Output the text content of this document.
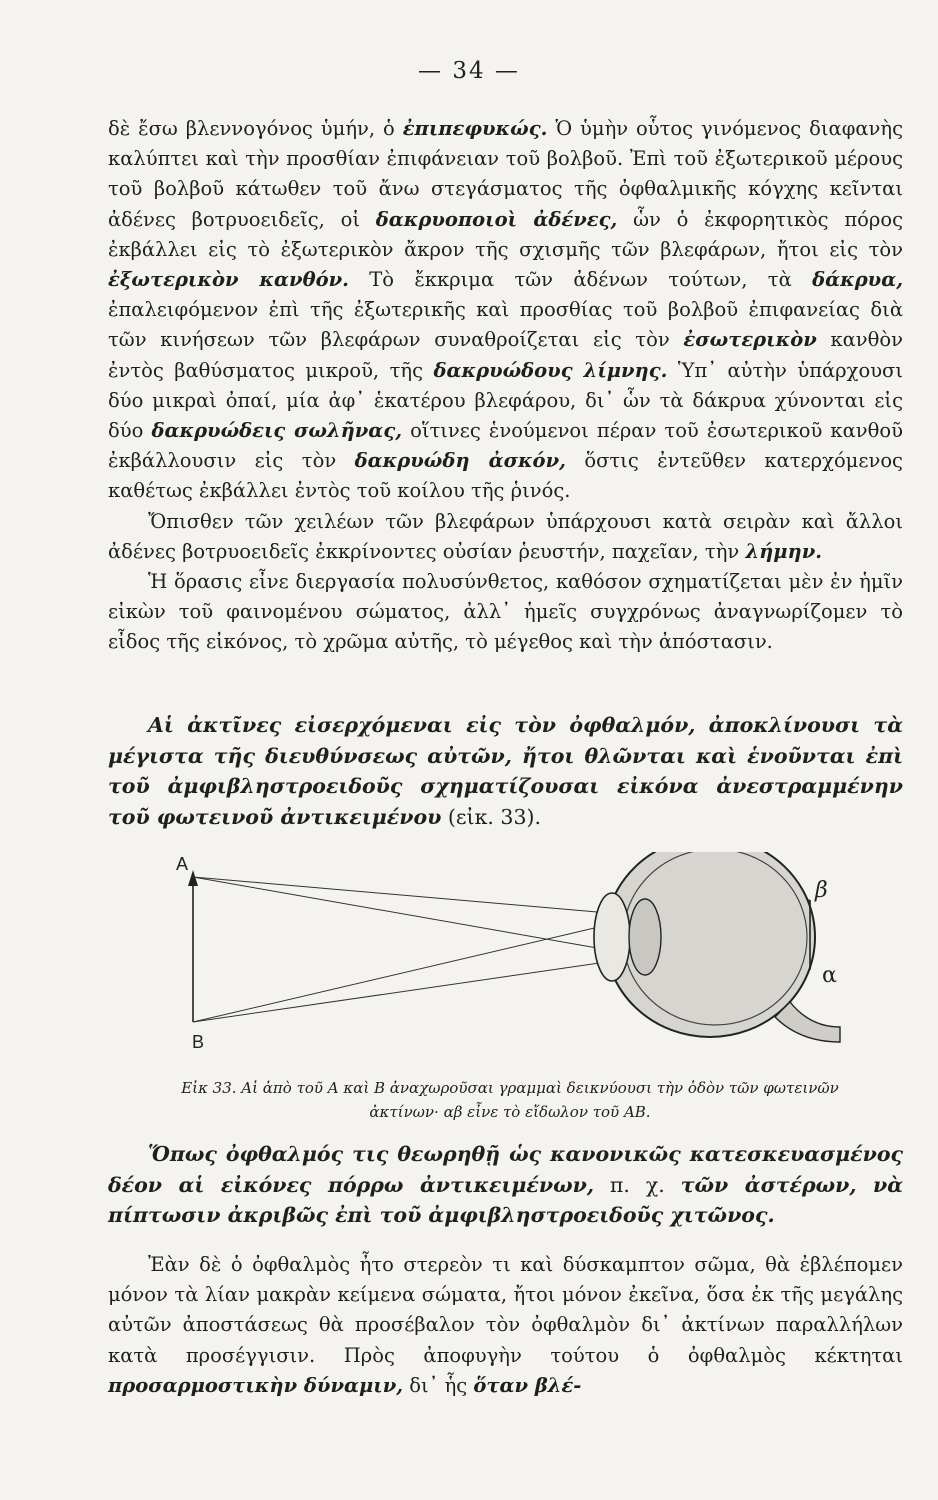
— 34 —

δὲ ἔσω βλεννογόνος ὑμήν, ὁ ἐπιπεφυκώς. Ὁ ὑμὴν οὗτος γινόμενος διαφανὴς καλύπτει καὶ τὴν προσθίαν ἐπιφάνειαν τοῦ βολβοῦ. Ἐπὶ τοῦ ἐξωτερικοῦ μέρους τοῦ βολβοῦ κάτωθεν τοῦ ἄνω στεγάσματος τῆς ὀφθαλμικῆς κόγχης κεῖνται ἀδένες βοτρυοειδεῖς, οἱ δακρυοποιοὶ ἀδένες, ὧν ὁ ἐκφορητικὸς πόρος ἐκβάλλει εἰς τὸ ἐξωτερικὸν ἄκρον τῆς σχισμῆς τῶν βλεφάρων, ἤτοι εἰς τὸν ἐξωτερικὸν κανθόν. Τὸ ἔκκριμα τῶν ἀδένων τούτων, τὰ δάκρυα, ἐπαλειφόμενον ἐπὶ τῆς ἐξωτερικῆς καὶ προσθίας τοῦ βολβοῦ ἐπιφανείας διὰ τῶν κινήσεων τῶν βλεφάρων συναθροίζεται εἰς τὸν ἐσωτερικὸν κανθὸν ἐντὸς βαθύσματος μικροῦ, τῆς δακρυώδους λίμνης. Ὑπ᾿ αὐτὴν ὑπάρχουσι δύο μικραὶ ὀπαί, μία ἀφ᾿ ἑκατέρου βλεφάρου, δι᾿ ὧν τὰ δάκρυα χύνονται εἰς δύο δακρυώδεις σωλῆνας, οἵτινες ἑνούμενοι πέραν τοῦ ἐσωτερικοῦ κανθοῦ ἐκβάλλουσιν εἰς τὸν δακρυώδη ἀσκόν, ὅστις ἐντεῦθεν κατερχόμενος καθέτως ἐκβάλλει ἐντὸς τοῦ κοίλου τῆς ῥινός.

Ὄπισθεν τῶν χειλέων τῶν βλεφάρων ὑπάρχουσι κατὰ σειρὰν καὶ ἄλλοι ἀδένες βοτρυοειδεῖς ἐκκρίνοντες οὐσίαν ῥευστήν, παχεῖαν, τὴν λήμην.

Ἡ ὅρασις εἶνε διεργασία πολυσύνθετος, καθόσον σχηματίζεται μὲν ἐν ἡμῖν εἰκὼν τοῦ φαινομένου σώματος, ἀλλ᾿ ἡμεῖς συγχρόνως ἀναγνωρίζομεν τὸ εἶδος τῆς εἰκόνος, τὸ χρῶμα αὐτῆς, τὸ μέγεθος καὶ τὴν ἀπόστασιν.

Αἱ ἀκτῖνες εἰσερχόμεναι εἰς τὸν ὀφθαλμόν, ἀποκλίνουσι τὰ μέγιστα τῆς διευθύνσεως αὐτῶν, ἤτοι θλῶνται καὶ ἑνοῦνται ἐπὶ τοῦ ἀμφιβληστροειδοῦς σχηματίζουσαι εἰκόνα ἀνεστραμμένην τοῦ φωτεινοῦ ἀντικειμένου (εἰκ. 33).

A
B
β
α
Εἰκ 33. Αἱ ἀπὸ τοῦ Α καὶ Β ἀναχωροῦσαι γραμμαὶ δεικνύουσι τὴν ὁδὸν τῶν φωτεινῶν ἀκτίνων· αβ εἶνε τὸ εἴδωλον τοῦ ΑΒ.

Ὅπως ὀφθαλμός τις θεωρηθῇ ὡς κανονικῶς κατεσκευασμένος δέον αἱ εἰκόνες πόρρω ἀντικειμένων, π. χ. τῶν ἀστέρων, νὰ πίπτωσιν ἀκριβῶς ἐπὶ τοῦ ἀμφιβληστροειδοῦς χιτῶνος.

Ἐὰν δὲ ὁ ὀφθαλμὸς ἦτο στερεὸν τι καὶ δύσκαμπτον σῶμα, θὰ ἐβλέπομεν μόνον τὰ λίαν μακρὰν κείμενα σώματα, ἤτοι μόνον ἐκεῖνα, ὅσα ἐκ τῆς μεγάλης αὐτῶν ἀποστάσεως θὰ προσέβαλον τὸν ὀφθαλμὸν δι᾿ ἀκτίνων παραλλήλων κατὰ προσέγγισιν. Πρὸς ἀποφυγὴν τούτου ὁ ὀφθαλμὸς κέκτηται προσαρμοστικὴν δύναμιν, δι᾿ ἧς ὅταν βλέ-
